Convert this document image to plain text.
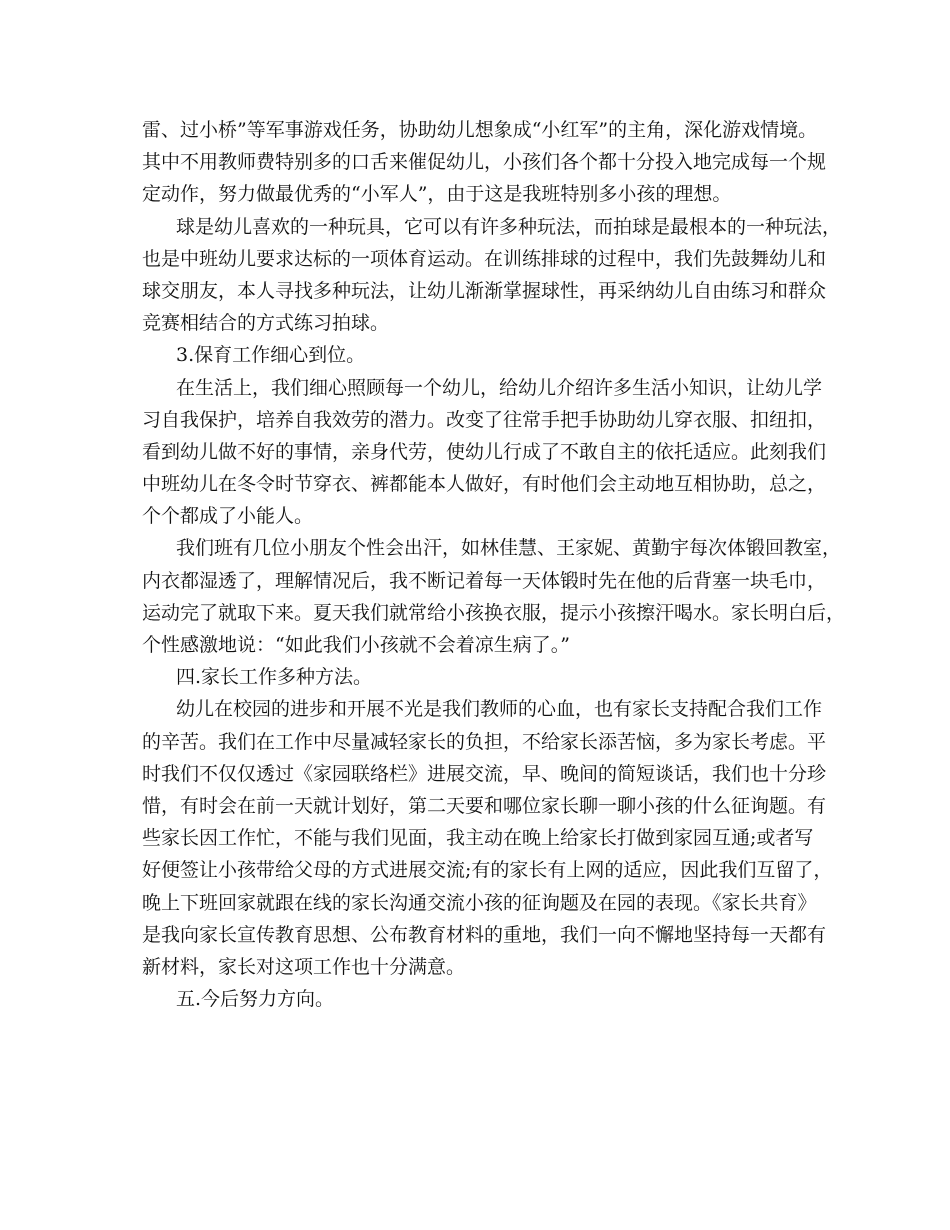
雷、过小桥”等军事游戏任务，协助幼儿想象成“小红军”的主角，深化游戏情境。
其中不用教师费特别多的口舌来催促幼儿，小孩们各个都十分投入地完成每一个规
定动作，努力做最优秀的“小军人”，由于这是我班特别多小孩的理想。
球是幼儿喜欢的一种玩具，它可以有许多种玩法，而拍球是最根本的一种玩法，
也是中班幼儿要求达标的一项体育运动。在训练排球的过程中，我们先鼓舞幼儿和
球交朋友，本人寻找多种玩法，让幼儿渐渐掌握球性，再采纳幼儿自由练习和群众
竞赛相结合的方式练习拍球。
3.保育工作细心到位。
在生活上，我们细心照顾每一个幼儿，给幼儿介绍许多生活小知识，让幼儿学
习自我保护，培养自我效劳的潜力。改变了往常手把手协助幼儿穿衣服、扣纽扣，
看到幼儿做不好的事情，亲身代劳，使幼儿行成了不敢自主的依托适应。此刻我们
中班幼儿在冬令时节穿衣、裤都能本人做好，有时他们会主动地互相协助，总之，
个个都成了小能人。
我们班有几位小朋友个性会出汗，如林佳慧、王家妮、黄勤宇每次体锻回教室，
内衣都湿透了，理解情况后，我不断记着每一天体锻时先在他的后背塞一块毛巾，
运动完了就取下来。夏天我们就常给小孩换衣服，提示小孩擦汗喝水。家长明白后，
个性感激地说：“如此我们小孩就不会着凉生病了。”
四.家长工作多种方法。
幼儿在校园的进步和开展不光是我们教师的心血，也有家长支持配合我们工作
的辛苦。我们在工作中尽量减轻家长的负担，不给家长添苦恼，多为家长考虑。平
时我们不仅仅透过《家园联络栏》进展交流，早、晚间的简短谈话，我们也十分珍
惜，有时会在前一天就计划好，第二天要和哪位家长聊一聊小孩的什么征询题。有
些家长因工作忙，不能与我们见面，我主动在晚上给家长打做到家园互通;或者写
好便签让小孩带给父母的方式进展交流;有的家长有上网的适应，因此我们互留了，
晚上下班回家就跟在线的家长沟通交流小孩的征询题及在园的表现。《家长共育》
是我向家长宣传教育思想、公布教育材料的重地，我们一向不懈地坚持每一天都有
新材料，家长对这项工作也十分满意。
五.今后努力方向。
